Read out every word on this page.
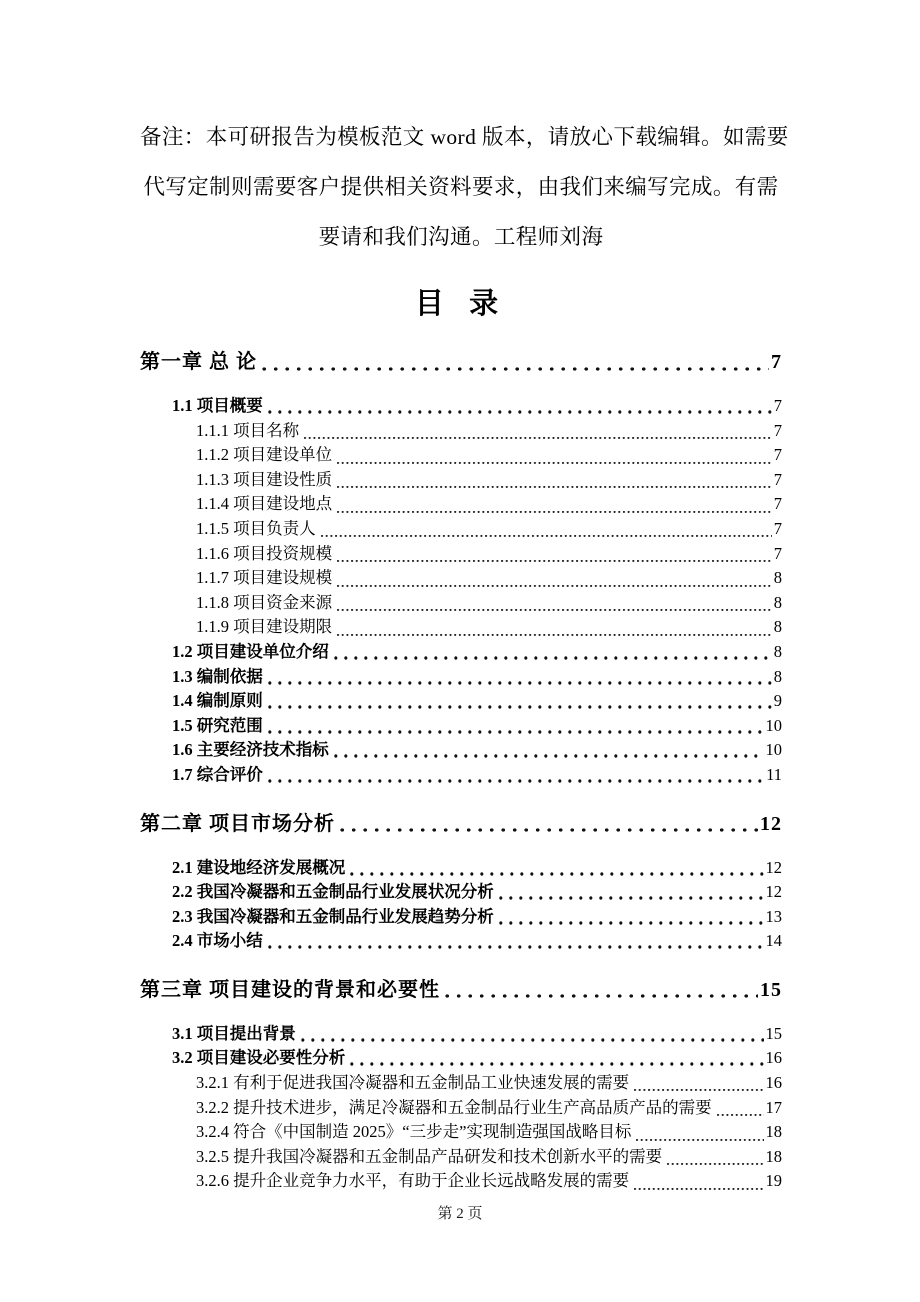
备注：本可研报告为模板范文 word 版本，请放心下载编辑。如需要
代写定制则需要客户提供相关资料要求，由我们来编写完成。有需
要请和我们沟通。工程师刘海
目 录
第一章 总 论	7
1.1 项目概要	7
1.1.1 项目名称	7
1.1.2 项目建设单位	7
1.1.3 项目建设性质	7
1.1.4 项目建设地点	7
1.1.5 项目负责人	7
1.1.6 项目投资规模	7
1.1.7 项目建设规模	8
1.1.8 项目资金来源	8
1.1.9 项目建设期限	8
1.2 项目建设单位介绍	8
1.3 编制依据	8
1.4 编制原则	9
1.5 研究范围	10
1.6 主要经济技术指标	10
1.7 综合评价	11
第二章 项目市场分析	12
2.1 建设地经济发展概况	12
2.2 我国冷凝器和五金制品行业发展状况分析	12
2.3 我国冷凝器和五金制品行业发展趋势分析	13
2.4 市场小结	14
第三章 项目建设的背景和必要性	15
3.1 项目提出背景	15
3.2 项目建设必要性分析	16
3.2.1 有利于促进我国冷凝器和五金制品工业快速发展的需要	16
3.2.2 提升技术进步，满足冷凝器和五金制品行业生产高品质产品的需要	17
3.2.4 符合《中国制造 2025》“三步走”实现制造强国战略目标	18
3.2.5 提升我国冷凝器和五金制品产品研发和技术创新水平的需要	18
3.2.6 提升企业竞争力水平，有助于企业长远战略发展的需要	19
第 2 页
